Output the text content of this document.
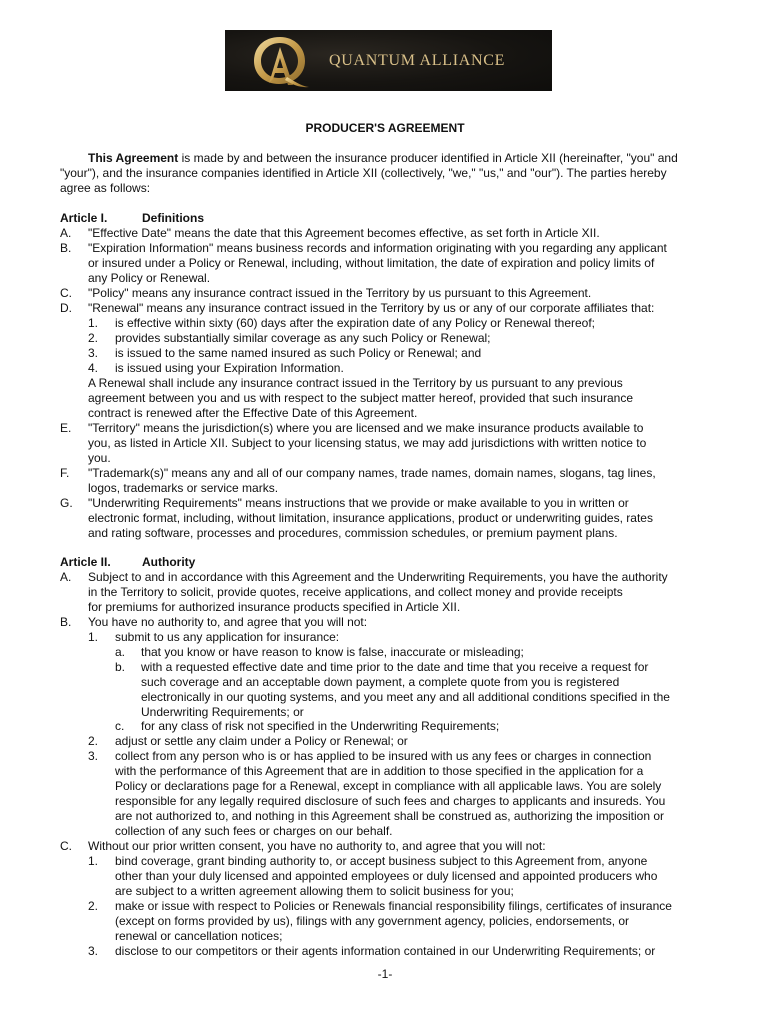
QUANTUM ALLIANCE
PRODUCER'S AGREEMENT
This Agreement is made by and between the insurance producer identified in Article XII (hereinafter, "you" and
"your"), and the insurance companies identified in Article XII (collectively, "we," "us," and "our"). The parties hereby
agree as follows:
Article I.	Definitions
A. "Effective Date" means the date that this Agreement becomes effective, as set forth in Article XII.
B. "Expiration Information" means business records and information originating with you regarding any applicant
or insured under a Policy or Renewal, including, without limitation, the date of expiration and policy limits of
any Policy or Renewal.
C. "Policy" means any insurance contract issued in the Territory by us pursuant to this Agreement.
D. "Renewal" means any insurance contract issued in the Territory by us or any of our corporate affiliates that:
1. is effective within sixty (60) days after the expiration date of any Policy or Renewal thereof;
2. provides substantially similar coverage as any such Policy or Renewal;
3. is issued to the same named insured as such Policy or Renewal; and
4. is issued using your Expiration Information.
A Renewal shall include any insurance contract issued in the Territory by us pursuant to any previous
agreement between you and us with respect to the subject matter hereof, provided that such insurance
contract is renewed after the Effective Date of this Agreement.
E. "Territory" means the jurisdiction(s) where you are licensed and we make insurance products available to
you, as listed in Article XII. Subject to your licensing status, we may add jurisdictions with written notice to
you.
F. "Trademark(s)" means any and all of our company names, trade names, domain names, slogans, tag lines,
logos, trademarks or service marks.
G. "Underwriting Requirements" means instructions that we provide or make available to you in written or
electronic format, including, without limitation, insurance applications, product or underwriting guides, rates
and rating software, processes and procedures, commission schedules, or premium payment plans.
Article II.	Authority
A. Subject to and in accordance with this Agreement and the Underwriting Requirements, you have the authority
in the Territory to solicit, provide quotes, receive applications, and collect money and provide receipts
for premiums for authorized insurance products specified in Article XII.
B. You have no authority to, and agree that you will not:
1. submit to us any application for insurance:
a. that you know or have reason to know is false, inaccurate or misleading;
b. with a requested effective date and time prior to the date and time that you receive a request for
such coverage and an acceptable down payment, a complete quote from you is registered
electronically in our quoting systems, and you meet any and all additional conditions specified in the
Underwriting Requirements; or
c. for any class of risk not specified in the Underwriting Requirements;
2. adjust or settle any claim under a Policy or Renewal; or
3. collect from any person who is or has applied to be insured with us any fees or charges in connection
with the performance of this Agreement that are in addition to those specified in the application for a
Policy or declarations page for a Renewal, except in compliance with all applicable laws. You are solely
responsible for any legally required disclosure of such fees and charges to applicants and insureds. You
are not authorized to, and nothing in this Agreement shall be construed as, authorizing the imposition or
collection of any such fees or charges on our behalf.
C. Without our prior written consent, you have no authority to, and agree that you will not:
1. bind coverage, grant binding authority to, or accept business subject to this Agreement from, anyone
other than your duly licensed and appointed employees or duly licensed and appointed producers who
are subject to a written agreement allowing them to solicit business for you;
2. make or issue with respect to Policies or Renewals financial responsibility filings, certificates of insurance
(except on forms provided by us), filings with any government agency, policies, endorsements, or
renewal or cancellation notices;
3. disclose to our competitors or their agents information contained in our Underwriting Requirements; or
-1-
